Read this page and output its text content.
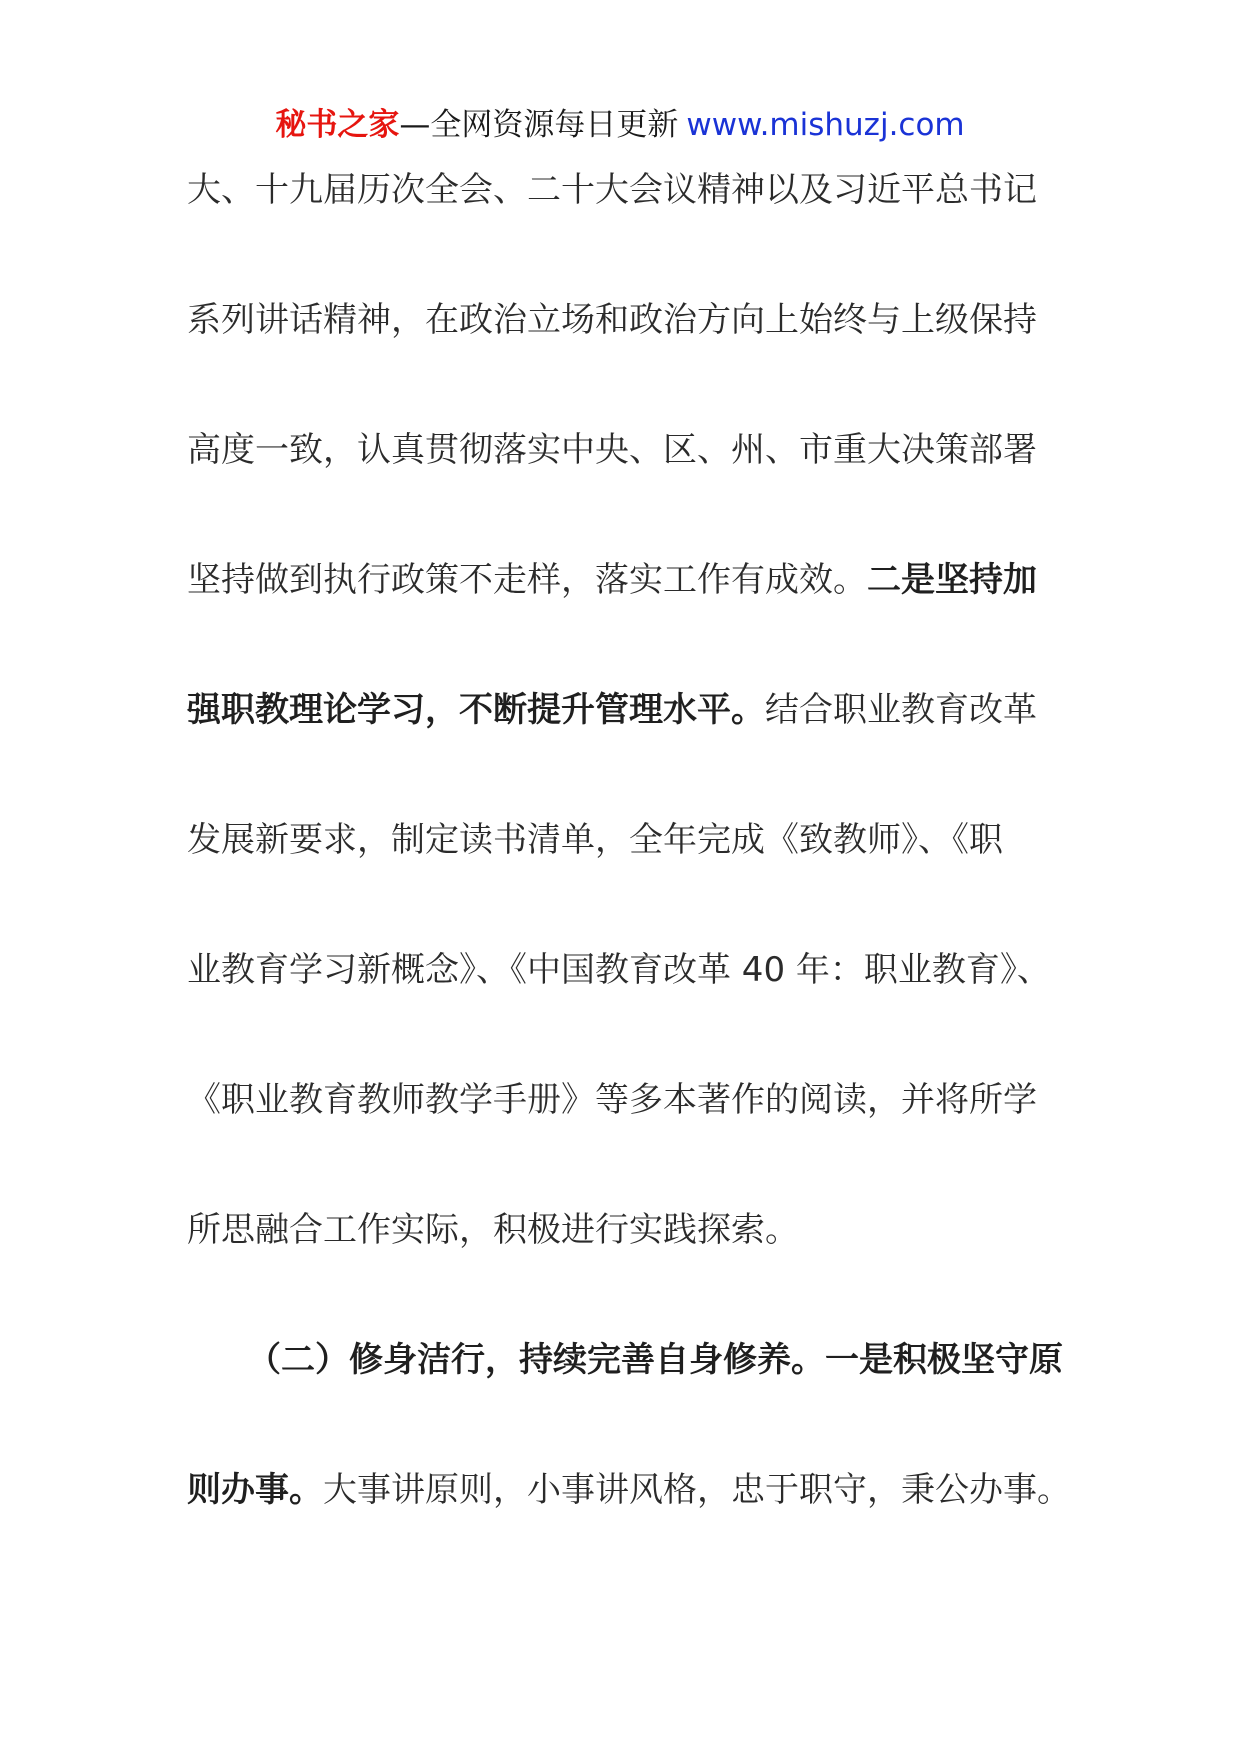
秘书之家—全网资源每日更新 www.mishuzj.com
大、十九届历次全会、二十大会议精神以及习近平总书记
系列讲话精神，在政治立场和政治方向上始终与上级保持
高度一致，认真贯彻落实中央、区、州、市重大决策部署
坚持做到执行政策不走样，落实工作有成效。二是坚持加
强职教理论学习，不断提升管理水平。结合职业教育改革
发展新要求，制定读书清单，全年完成《致教师》、《职
业教育学习新概念》、《中国教育改革 40 年：职业教育》、
《职业教育教师教学手册》等多本著作的阅读，并将所学
所思融合工作实际，积极进行实践探索。
（二）修身洁行，持续完善自身修养。一是积极坚守原
则办事。大事讲原则，小事讲风格，忠于职守，秉公办事。
